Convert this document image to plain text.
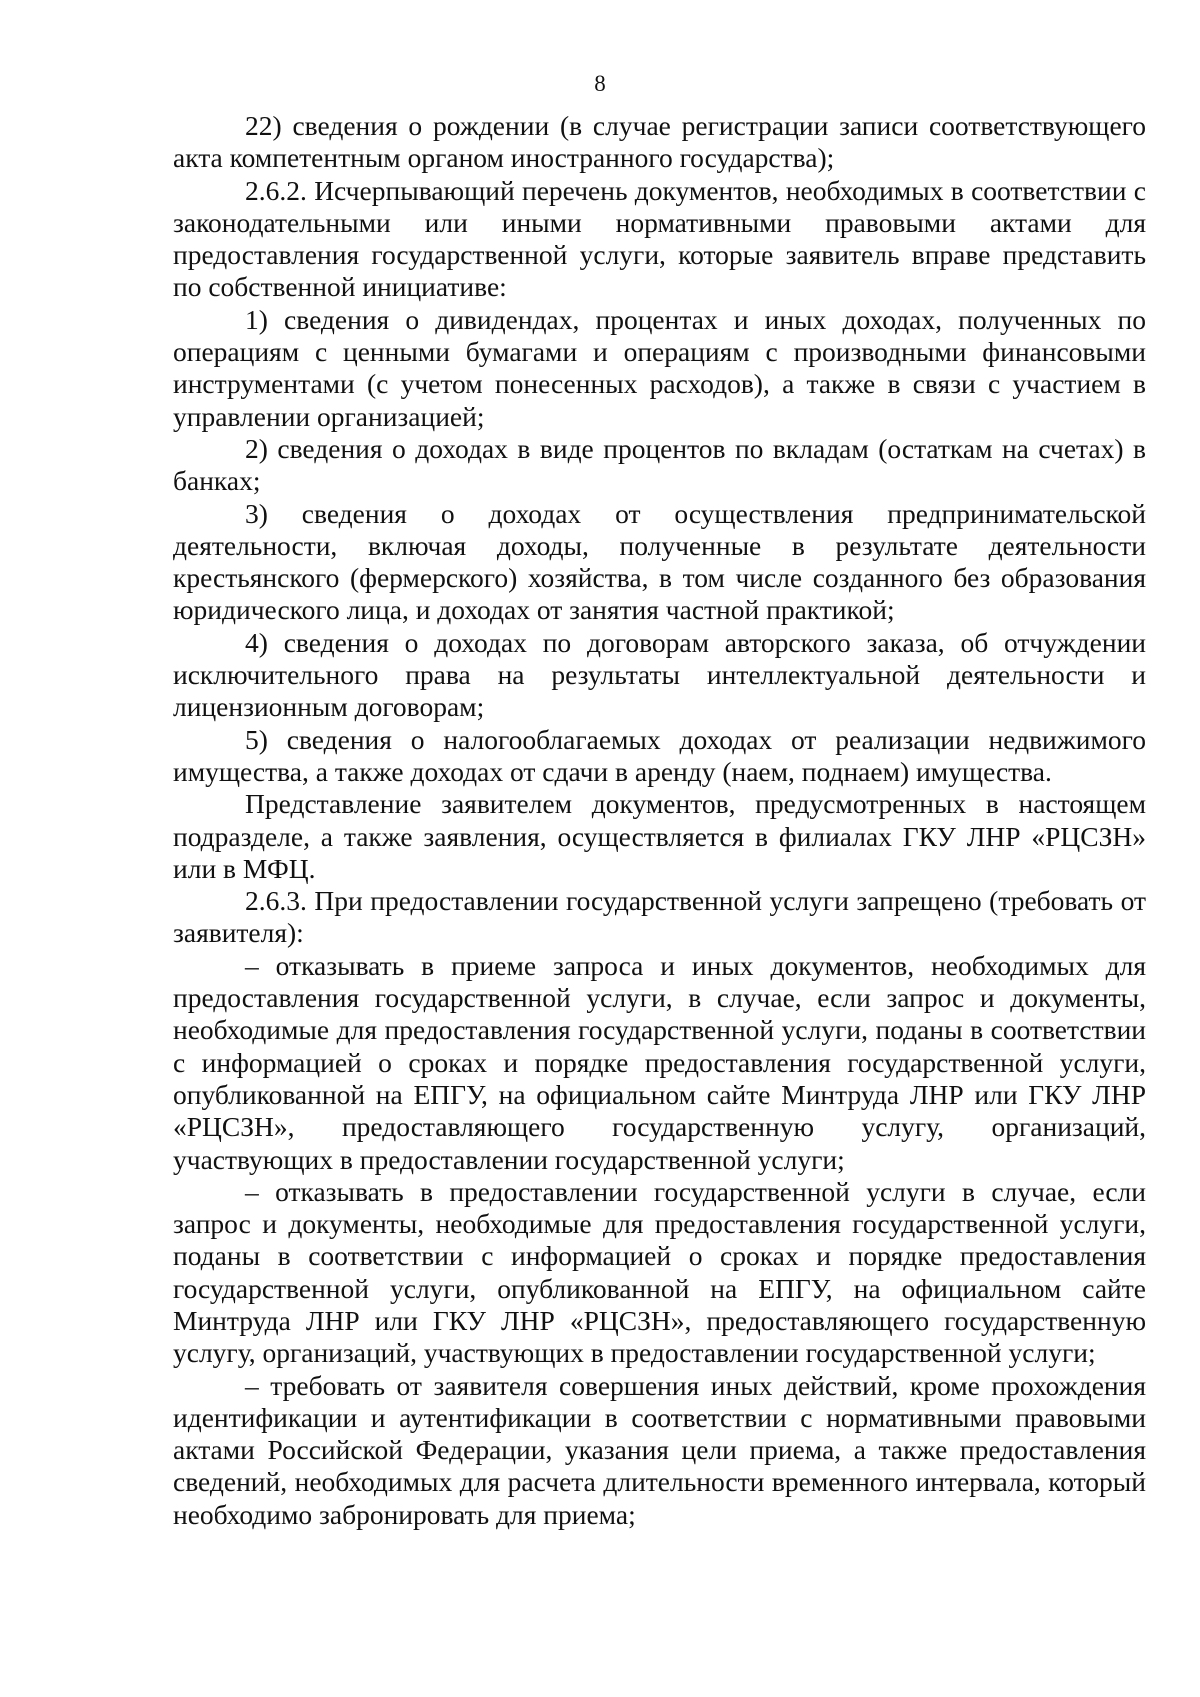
8

22) сведения о рождении (в случае регистрации записи соответствующего акта компетентным органом иностранного государства);

2.6.2. Исчерпывающий перечень документов, необходимых в соответствии с законодательными или иными нормативными правовыми актами для предоставления государственной услуги, которые заявитель вправе представить по собственной инициативе:

1) сведения о дивидендах, процентах и иных доходах, полученных по операциям с ценными бумагами и операциям с производными финансовыми инструментами (с учетом понесенных расходов), а также в связи с участием в управлении организацией;

2) сведения о доходах в виде процентов по вкладам (остаткам на счетах) в банках;

3) сведения о доходах от осуществления предпринимательской деятельности, включая доходы, полученные в результате деятельности крестьянского (фермерского) хозяйства, в том числе созданного без образования юридического лица, и доходах от занятия частной практикой;

4) сведения о доходах по договорам авторского заказа, об отчуждении исключительного права на результаты интеллектуальной деятельности и лицензионным договорам;

5) сведения о налогооблагаемых доходах от реализации недвижимого имущества, а также доходах от сдачи в аренду (наем, поднаем) имущества.

Представление заявителем документов, предусмотренных в настоящем подразделе, а также заявления, осуществляется в филиалах ГКУ ЛНР «РЦСЗН» или в МФЦ.

2.6.3. При предоставлении государственной услуги запрещено (требовать от заявителя):

– отказывать в приеме запроса и иных документов, необходимых для предоставления государственной услуги, в случае, если запрос и документы, необходимые для предоставления государственной услуги, поданы в соответствии с информацией о сроках и порядке предоставления государственной услуги, опубликованной на ЕПГУ, на официальном сайте Минтруда ЛНР или ГКУ ЛНР «РЦСЗН», предоставляющего государственную услугу, организаций, участвующих в предоставлении государственной услуги;

– отказывать в предоставлении государственной услуги в случае, если запрос и документы, необходимые для предоставления государственной услуги, поданы в соответствии с информацией о сроках и порядке предоставления государственной услуги, опубликованной на ЕПГУ, на официальном сайте Минтруда ЛНР или ГКУ ЛНР «РЦСЗН», предоставляющего государственную услугу, организаций, участвующих в предоставлении государственной услуги;

– требовать от заявителя совершения иных действий, кроме прохождения идентификации и аутентификации в соответствии с нормативными правовыми актами Российской Федерации, указания цели приема, а также предоставления сведений, необходимых для расчета длительности временного интервала, который необходимо забронировать для приема;
